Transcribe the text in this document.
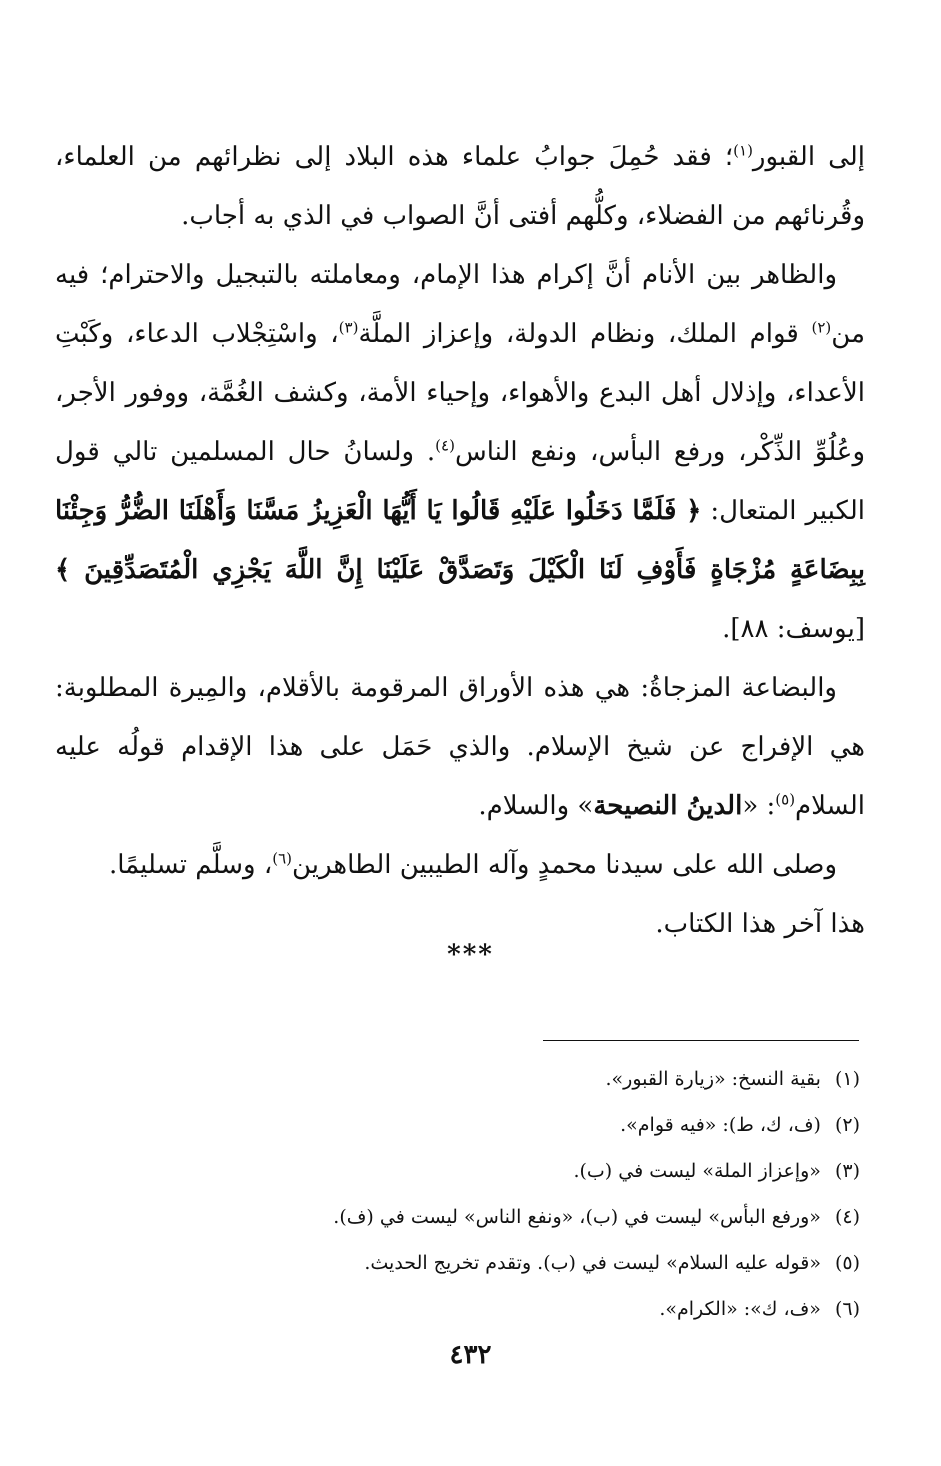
إلى القبور$^{(١)}$؛ فقد حُمِلَ جوابُ علماء هذه البلاد إلى نظرائهم من العلماء، وقُرنائهم من الفضلاء، وكلُّهم أفتى أنَّ الصواب في الذي به أجاب.

والظاهر بين الأنام أنَّ إكرام هذا الإمام، ومعاملته بالتبجيل والاحترام؛ فيه من$^{(٢)}$ قوام الملك، ونظام الدولة، وإعزاز الملَّة$^{(٣)}$، واسْتِجْلاب الدعاء، وكَبْتِ الأعداء، وإذلال أهل البدع والأهواء، وإحياء الأمة، وكشف الغُمَّة، ووفور الأجر، وعُلُوِّ الذِّكْر، ورفع البأس، ونفع الناس$^{(٤)}$. ولسانُ حال المسلمين تالي قول الكبير المتعال: ﴿ فَلَمَّا دَخَلُوا عَلَيْهِ قَالُوا يَا أَيُّهَا الْعَزِيزُ مَسَّنَا وَأَهْلَنَا الضُّرُّ وَجِئْنَا بِبِضَاعَةٍ مُزْجَاةٍ فَأَوْفِ لَنَا الْكَيْلَ وَتَصَدَّقْ عَلَيْنَا إِنَّ اللَّهَ يَجْزِي الْمُتَصَدِّقِينَ ﴾ [يوسف: ٨٨].

والبضاعة المزجاةُ: هي هذه الأوراق المرقومة بالأقلام، والمِيرة المطلوبة: هي الإفراج عن شيخ الإسلام. والذي حَمَل على هذا الإقدام قولُه عليه السلام$^{(٥)}$: «الدينُ النصيحة» والسلام.

وصلى الله على سيدنا محمدٍ وآله الطيبين الطاهرين$^{(٦)}$، وسلَّم تسليمًا.

هذا آخر هذا الكتاب.

***
(١)بقية النسخ: «زيارة القبور».
(٢)(ف، ك، ط): «فيه قوام».
(٣)«وإعزاز الملة» ليست في (ب).
(٤)«ورفع البأس» ليست في (ب)، «ونفع الناس» ليست في (ف).
(٥)«قوله عليه السلام» ليست في (ب). وتقدم تخريج الحديث.
(٦)«ف، ك»: «الكرام».
٤٣٢
